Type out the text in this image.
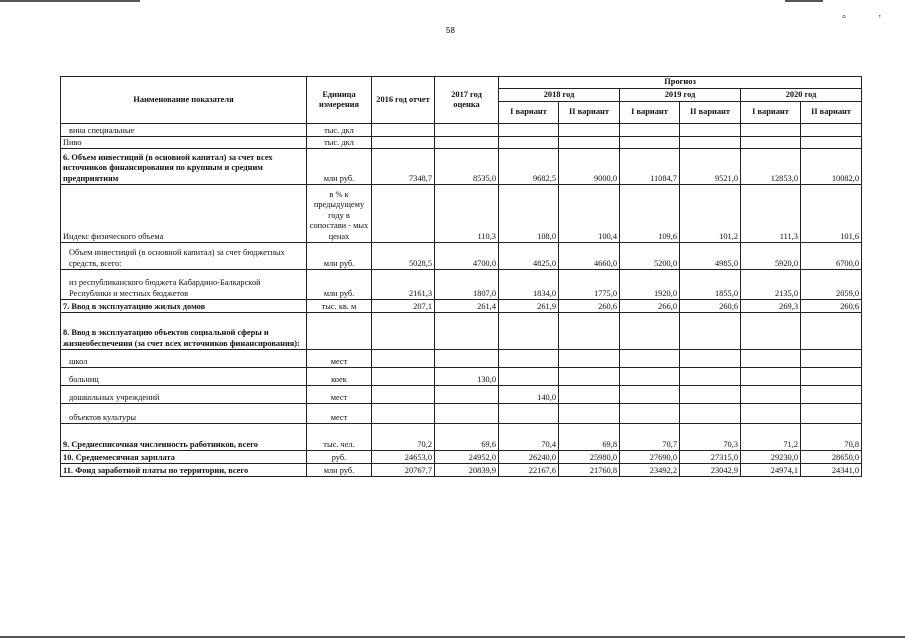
58
°	’
Наименование показателя	Единица измерения	2016 год отчет	2017 год оценка	Прогноз					
				2018 год		2019 год		2020 год	
				I вариант	II вариант	I вариант	II вариант	I вариант	II вариант
вина специальные	тыс. дкл								
Пиво	тыс. дкл								
6. Объем инвестиций (в основной капитал) за счет всех источников финансирования по крупным и средним предприятиям	млн руб.	7348,7	8535,0	9682,5	9000,0	11084,7	9521,0	12853,0	10082,0
Индекс физического объема	в % к предыдущему году в сопостави - мых ценах		110,3	108,0	100,4	109,6	101,2	111,3	101,6
Объем инвестиций (в основной капитал) за счет бюджетных средств, всего:	млн руб.	5028,5	4700,0	4825,0	4660,0	5200,0	4985,0	5920,0	6700,0
из республиканского бюджета Кабардино-Балкарской Республики и местных бюджетов	млн руб.	2161,3	1807,0	1834,0	1775,0	1920,0	1855,0	2135,0	2059,0
7. Ввод в эксплуатацию жилых домов	тыс. кв. м	207,1	261,4	261,9	260,6	266,0	260,6	269,3	260,6
8. Ввод в эксплуатацию объектов социальной сферы и жизнеобеспечения (за счет всех источников финансирования):									
школ	мест								
больниц	коек		130,0						
дошкольных учреждений	мест			140,0					
объектов культуры	мест								
9. Среднесписочная численность работников, всего	тыс. чел.	70,2	69,6	70,4	69,8	70,7	70,3	71,2	70,8
10. Среднемесячная зарплата	руб.	24653,0	24952,0	26240,0	25980,0	27690,0	27315,0	29230,0	28650,0
11. Фонд заработной платы по территории, всего	млн руб.	20767,7	20839,9	22167,6	21760,8	23492,2	23042,9	24974,1	24341,0
